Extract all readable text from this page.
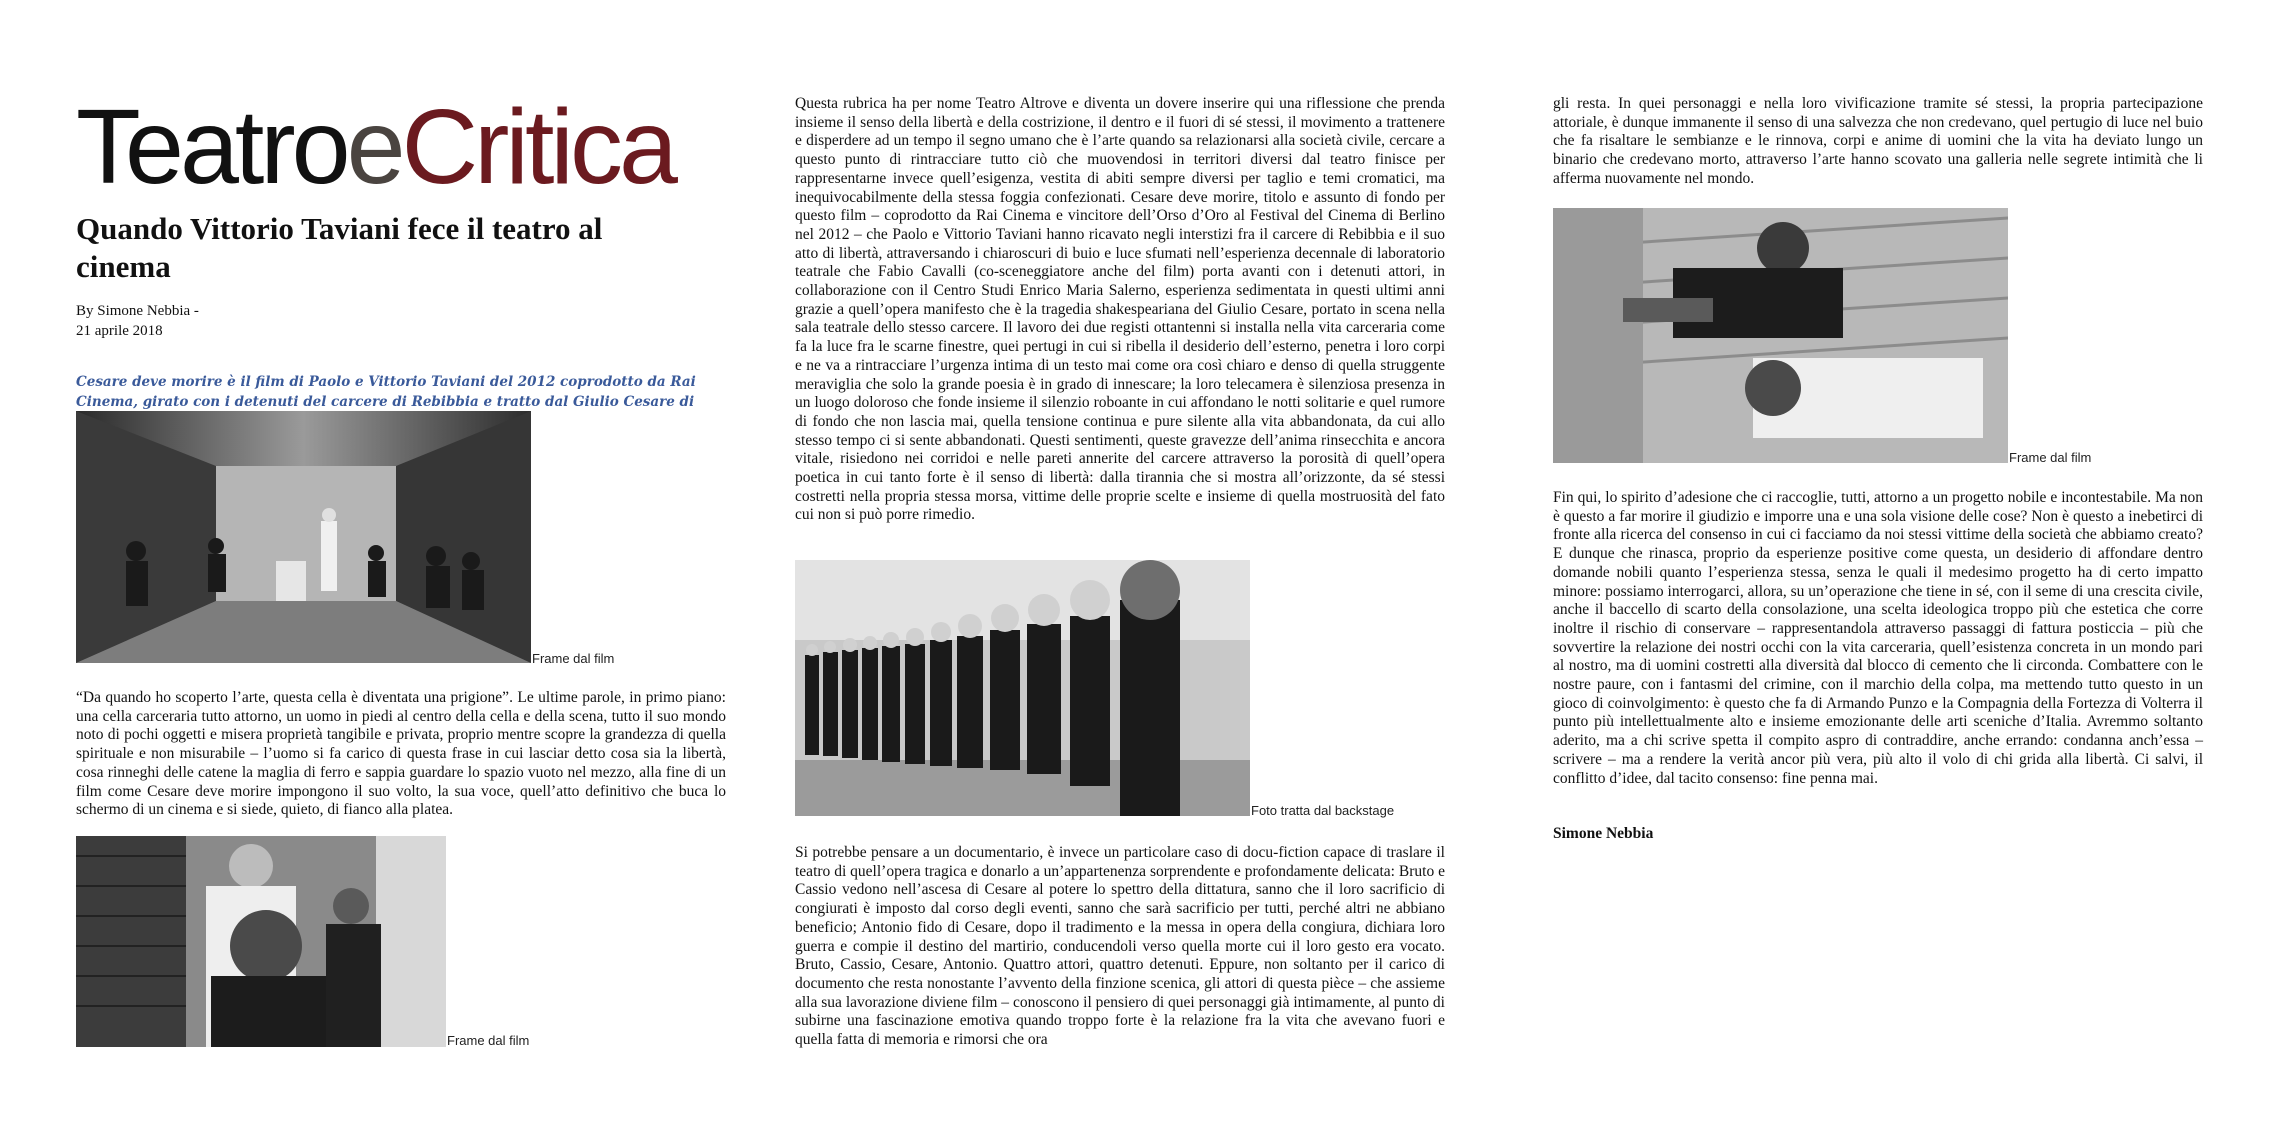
TeatroeCritica
Quando Vittorio Taviani fece il teatro al cinema
By Simone Nebbia -
21 aprile 2018
Cesare deve morire è il film di Paolo e Vittorio Taviani del 2012 coprodotto da Rai Cinema, girato con i detenuti del carcere di Rebibbia e tratto dal Giulio Cesare di
Frame dal film
“Da quando ho scoperto l’arte, questa cella è diventata una prigione”. Le ultime parole, in primo piano: una cella carceraria tutto attorno, un uomo in piedi al centro della cella e della scena, tutto il suo mondo noto di pochi oggetti e misera proprietà tangibile e privata, proprio mentre scopre la grandezza di quella spirituale e non misurabile – l’uomo si fa carico di questa frase in cui lasciar detto cosa sia la libertà, cosa rinneghi delle catene la maglia di ferro e sappia guardare lo spazio vuoto nel mezzo, alla fine di un film come Cesare deve morire impongono il suo volto, la sua voce, quell’atto definitivo che buca lo schermo di un cinema e si siede, quieto, di fianco alla platea.
Frame dal film
Questa rubrica ha per nome Teatro Altrove e diventa un dovere inserire qui una riflessione che prenda insieme il senso della libertà e della costrizione, il dentro e il fuori di sé stessi, il movimento a trattenere e disperdere ad un tempo il segno umano che è l’arte quando sa relazionarsi alla società civile, cercare a questo punto di rintracciare tutto ciò che muovendosi in territori diversi dal teatro finisce per rappresentarne invece quell’esigenza, vestita di abiti sempre diversi per taglio e temi cromatici, ma inequivocabilmente della stessa foggia confezionati. Cesare deve morire, titolo e assunto di fondo per questo film – coprodotto da Rai Cinema e vincitore dell’Orso d’Oro al Festival del Cinema di Berlino nel 2012 – che Paolo e Vittorio Taviani hanno ricavato negli interstizi fra il carcere di Rebibbia e il suo atto di libertà, attraversando i chiaroscuri di buio e luce sfumati nell’esperienza decennale di laboratorio teatrale che Fabio Cavalli (co-sceneggiatore anche del film) porta avanti con i detenuti attori, in collaborazione con il Centro Studi Enrico Maria Salerno, esperienza sedimentata in questi ultimi anni grazie a quell’opera manifesto che è la tragedia shakespeariana del Giulio Cesare, portato in scena nella sala teatrale dello stesso carcere. Il lavoro dei due registi ottantenni si installa nella vita carceraria come fa la luce fra le scarne finestre, quei pertugi in cui si ribella il desiderio dell’esterno, penetra i loro corpi e ne va a rintracciare l’urgenza intima di un testo mai come ora così chiaro e denso di quella struggente meraviglia che solo la grande poesia è in grado di innescare; la loro telecamera è silenziosa presenza in un luogo doloroso che fonde insieme il silenzio roboante in cui affondano le notti solitarie e quel rumore di fondo che non lascia mai, quella tensione continua e pure silente alla vita abbandonata, da cui allo stesso tempo ci si sente abbandonati. Questi sentimenti, queste gravezze dell’anima rinsecchita e ancora vitale, risiedono nei corridoi e nelle pareti annerite del carcere attraverso la porosità di quell’opera poetica in cui tanto forte è il senso di libertà: dalla tirannia che si mostra all’orizzonte, da sé stessi costretti nella propria stessa morsa, vittime delle proprie scelte e insieme di quella mostruosità del fato cui non si può porre rimedio.
Foto tratta dal backstage
Si potrebbe pensare a un documentario, è invece un particolare caso di docu-fiction capace di traslare il teatro di quell’opera tragica e donarlo a un’appartenenza sorprendente e profondamente delicata: Bruto e Cassio vedono nell’ascesa di Cesare al potere lo spettro della dittatura, sanno che il loro sacrificio di congiurati è imposto dal corso degli eventi, sanno che sarà sacrificio per tutti, perché altri ne abbiano beneficio; Antonio fido di Cesare, dopo il tradimento e la messa in opera della congiura, dichiara loro guerra e compie il destino del martirio, conducendoli verso quella morte cui il loro gesto era vocato. Bruto, Cassio, Cesare, Antonio. Quattro attori, quattro detenuti. Eppure, non soltanto per il carico di documento che resta nonostante l’avvento della finzione scenica, gli attori di questa pièce – che assieme alla sua lavorazione diviene film – conoscono il pensiero di quei personaggi già intimamente, al punto di subirne una fascinazione emotiva quando troppo forte è la relazione fra la vita che avevano fuori e quella fatta di memoria e rimorsi che ora
gli resta. In quei personaggi e nella loro vivificazione tramite sé stessi, la propria partecipazione attoriale, è dunque immanente il senso di una salvezza che non credevano, quel pertugio di luce nel buio che fa risaltare le sembianze e le rinnova, corpi e anime di uomini che la vita ha deviato lungo un binario che credevano morto, attraverso l’arte hanno scovato una galleria nelle segrete intimità che li afferma nuovamente nel mondo.
Frame dal film
Fin qui, lo spirito d’adesione che ci raccoglie, tutti, attorno a un progetto nobile e incontestabile. Ma non è questo a far morire il giudizio e imporre una e una sola visione delle cose? Non è questo a inebetirci di fronte alla ricerca del consenso in cui ci facciamo da noi stessi vittime della società che abbiamo creato? E dunque che rinasca, proprio da esperienze positive come questa, un desiderio di affondare dentro domande nobili quanto l’esperienza stessa, senza le quali il medesimo progetto ha di certo impatto minore: possiamo interrogarci, allora, su un’operazione che tiene in sé, con il seme di una crescita civile, anche il baccello di scarto della consolazione, una scelta ideologica troppo più che estetica che corre inoltre il rischio di conservare – rappresentandola attraverso passaggi di fattura posticcia – più che sovvertire la relazione dei nostri occhi con la vita carceraria, quell’esistenza concreta in un mondo pari al nostro, ma di uomini costretti alla diversità dal blocco di cemento che li circonda. Combattere con le nostre paure, con i fantasmi del crimine, con il marchio della colpa, ma mettendo tutto questo in un gioco di coinvolgimento: è questo che fa di Armando Punzo e la Compagnia della Fortezza di Volterra il punto più intellettualmente alto e insieme emozionante delle arti sceniche d’Italia. Avremmo soltanto aderito, ma a chi scrive spetta il compito aspro di contraddire, anche errando: condanna anch’essa – scrivere – ma a rendere la verità ancor più vera, più alto il volo di chi grida alla libertà. Ci salvi, il conflitto d’idee, dal tacito consenso: fine penna mai.
Simone Nebbia
